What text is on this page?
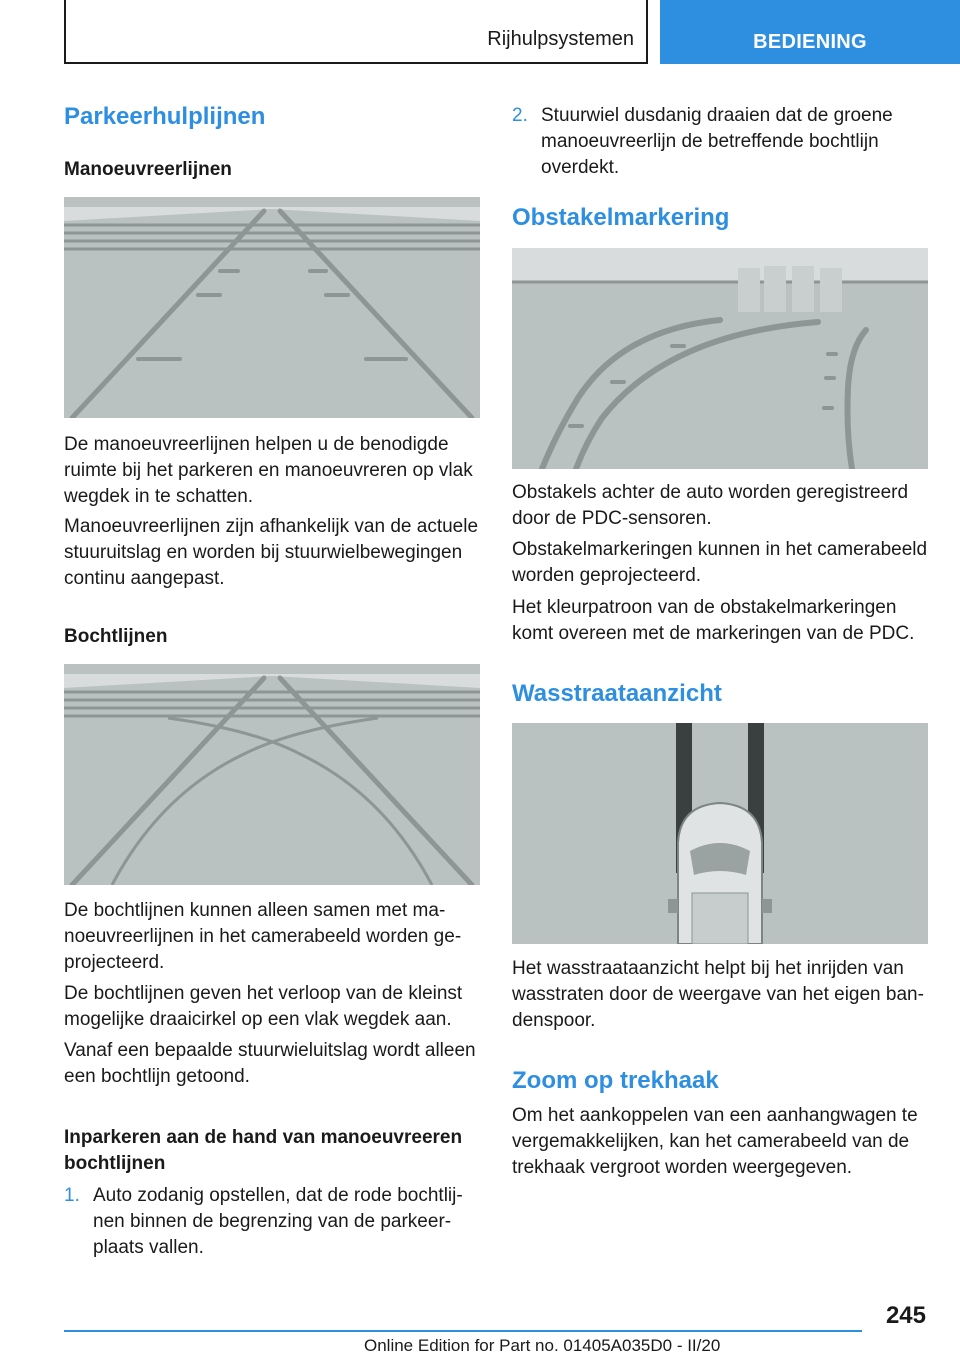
Rijhulpsystemen	BEDIENING
Parkeerhulplijnen
Manoeuvreerlijnen

De manoeuvreerlijnen helpen u de benodigde ruimte bij het parkeren en manoeuvreren op vlak wegdek in te schatten.

Manoeuvreerlijnen zijn afhankelijk van de actuele stuuruitslag en worden bij stuurwielbewegingen continu aangepast.

Bochtlijnen

De bochtlijnen kunnen alleen samen met manoeuvreerlijnen in het camerabeeld worden geprojecteerd.

De bochtlijnen geven het verloop van de kleinst mogelijke draaicirkel op een vlak wegdek aan.

Vanaf een bepaalde stuurwieluitslag wordt alleen een bochtlijn getoond.

Inparkeren aan de hand van manoeuvreeren bochtlijnen
1. Auto zodanig opstellen, dat de rode bochtlijnen binnen de begrenzing van de parkeerplaats vallen.
2. Stuurwiel dusdanig draaien dat de groene manoeuvreerlijn de betreffende bochtlijn overdekt.
Obstakelmarkering

Obstakels achter de auto worden geregistreerd door de PDC-sensoren.

Obstakelmarkeringen kunnen in het camerabeeld worden geprojecteerd.

Het kleurpatroon van de obstakelmarkeringen komt overeen met de markeringen van de PDC.

Wasstraataanzicht

Het wasstraataanzicht helpt bij het inrijden van wasstraten door de weergave van het eigen bandenspoor.

Zoom op trekhaak

Om het aankoppelen van een aanhangwagen te vergemakkelijken, kan het camerabeeld van de trekhaak vergroot worden weergegeven.

245
Online Edition for Part no. 01405A035D0 - II/20
